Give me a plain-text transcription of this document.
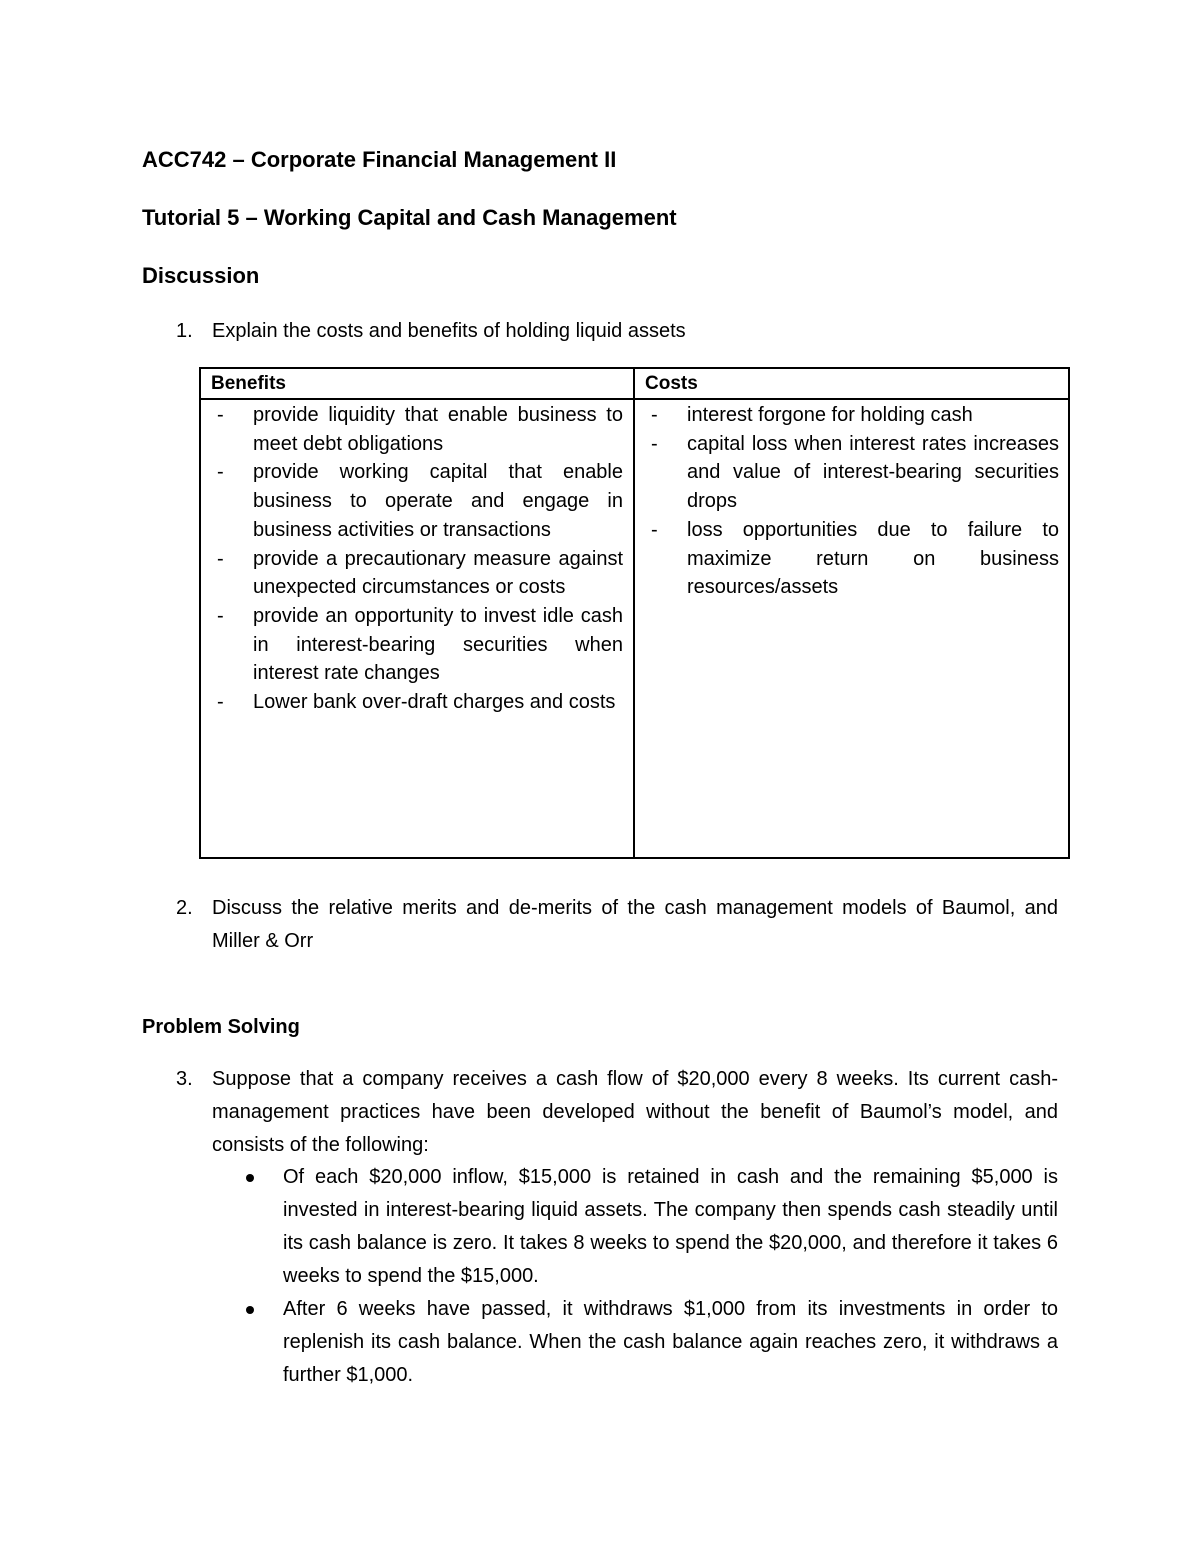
ACC742 – Corporate Financial Management II
Tutorial 5 – Working Capital and Cash Management
Discussion

1. Explain the costs and benefits of holding liquid assets

Benefits	Costs
- provide liquidity that enable business to meet debt obligations
- provide working capital that enable business to operate and engage in business activities or transactions
- provide a precautionary measure against unexpected circumstances or costs
- provide an opportunity to invest idle cash in interest-bearing securities when interest rate changes
- Lower bank over-draft charges and costs
- interest forgone for holding cash
- capital loss when interest rates increases and value of interest-bearing securities drops
- loss opportunities due to failure to maximize return on business resources/assets

2. Discuss the relative merits and de-merits of the cash management models of Baumol, and Miller & Orr

Problem Solving

3. Suppose that a company receives a cash flow of $20,000 every 8 weeks. Its current cash-management practices have been developed without the benefit of Baumol’s model, and consists of the following:

Of each $20,000 inflow, $15,000 is retained in cash and the remaining $5,000 is invested in interest-bearing liquid assets. The company then spends cash steadily until its cash balance is zero. It takes 8 weeks to spend the $20,000, and therefore it takes 6 weeks to spend the $15,000.
After 6 weeks have passed, it withdraws $1,000 from its investments in order to replenish its cash balance. When the cash balance again reaches zero, it withdraws a further $1,000.
